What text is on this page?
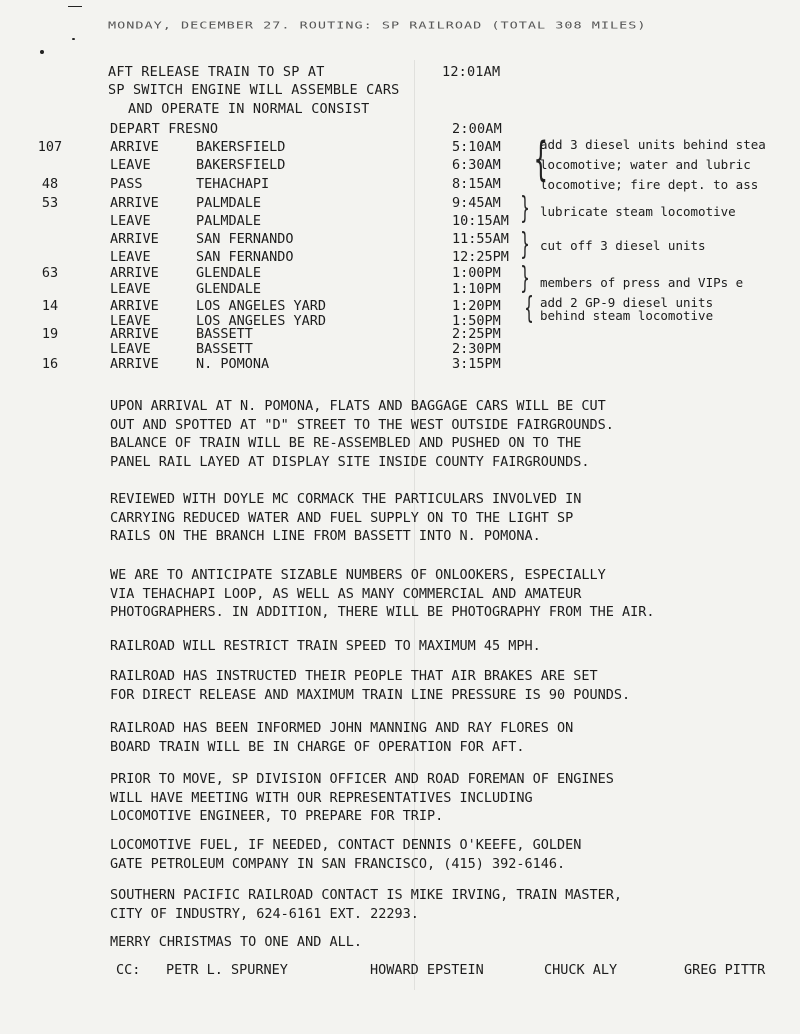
MONDAY, DECEMBER 27. ROUTING: SP RAILROAD (TOTAL 308 MILES)
AFT RELEASE TRAIN TO SP AT	12:01AM
SP SWITCH ENGINE WILL ASSEMBLE CARS
AND OPERATE IN NORMAL CONSIST
DEPART FRESNO	2:00AM
107	ARRIVE	BAKERSFIELD	5:10AM
LEAVE	BAKERSFIELD	6:30AM
48	PASS	TEHACHAPI	8:15AM
53	ARRIVE	PALMDALE	9:45AM
LEAVE	PALMDALE	10:15AM
ARRIVE	SAN FERNANDO	11:55AM
LEAVE	SAN FERNANDO	12:25PM
63	ARRIVE	GLENDALE	1:00PM
LEAVE	GLENDALE	1:10PM
14	ARRIVE	LOS ANGELES YARD	1:20PM
LEAVE	LOS ANGELES YARD	1:50PM
19	ARRIVE	BASSETT	2:25PM
LEAVE	BASSETT	2:30PM
16	ARRIVE	N. POMONA	3:15PM
{
add 3 diesel units behind stea
locomotive; water and lubric
locomotive; fire dept. to ass
} lubricate steam locomotive
} cut off 3 diesel units
} members of press and VIPs e
{ add 2 GP-9 diesel units
behind steam locomotive
UPON ARRIVAL AT N. POMONA, FLATS AND BAGGAGE CARS WILL BE CUT
OUT AND SPOTTED AT "D" STREET TO THE WEST OUTSIDE FAIRGROUNDS.
BALANCE OF TRAIN WILL BE RE-ASSEMBLED AND PUSHED ON TO THE
PANEL RAIL LAYED AT DISPLAY SITE INSIDE COUNTY FAIRGROUNDS.
REVIEWED WITH DOYLE MC CORMACK THE PARTICULARS INVOLVED IN
CARRYING REDUCED WATER AND FUEL SUPPLY ON TO THE LIGHT SP
RAILS ON THE BRANCH LINE FROM BASSETT INTO N. POMONA.
WE ARE TO ANTICIPATE SIZABLE NUMBERS OF ONLOOKERS, ESPECIALLY
VIA TEHACHAPI LOOP, AS WELL AS MANY COMMERCIAL AND AMATEUR
PHOTOGRAPHERS. IN ADDITION, THERE WILL BE PHOTOGRAPHY FROM THE AIR.
RAILROAD WILL RESTRICT TRAIN SPEED TO MAXIMUM 45 MPH.
RAILROAD HAS INSTRUCTED THEIR PEOPLE THAT AIR BRAKES ARE SET
FOR DIRECT RELEASE AND MAXIMUM TRAIN LINE PRESSURE IS 90 POUNDS.
RAILROAD HAS BEEN INFORMED JOHN MANNING AND RAY FLORES ON
BOARD TRAIN WILL BE IN CHARGE OF OPERATION FOR AFT.
PRIOR TO MOVE, SP DIVISION OFFICER AND ROAD FOREMAN OF ENGINES
WILL HAVE MEETING WITH OUR REPRESENTATIVES INCLUDING
LOCOMOTIVE ENGINEER, TO PREPARE FOR TRIP.
LOCOMOTIVE FUEL, IF NEEDED, CONTACT DENNIS O'KEEFE, GOLDEN
GATE PETROLEUM COMPANY IN SAN FRANCISCO, (415) 392-6146.
SOUTHERN PACIFIC RAILROAD CONTACT IS MIKE IRVING, TRAIN MASTER,
CITY OF INDUSTRY, 624-6161 EXT. 22293.
MERRY CHRISTMAS TO ONE AND ALL.
CC: PETR L. SPURNEY	HOWARD EPSTEIN	CHUCK ALY	GREG PITTR
